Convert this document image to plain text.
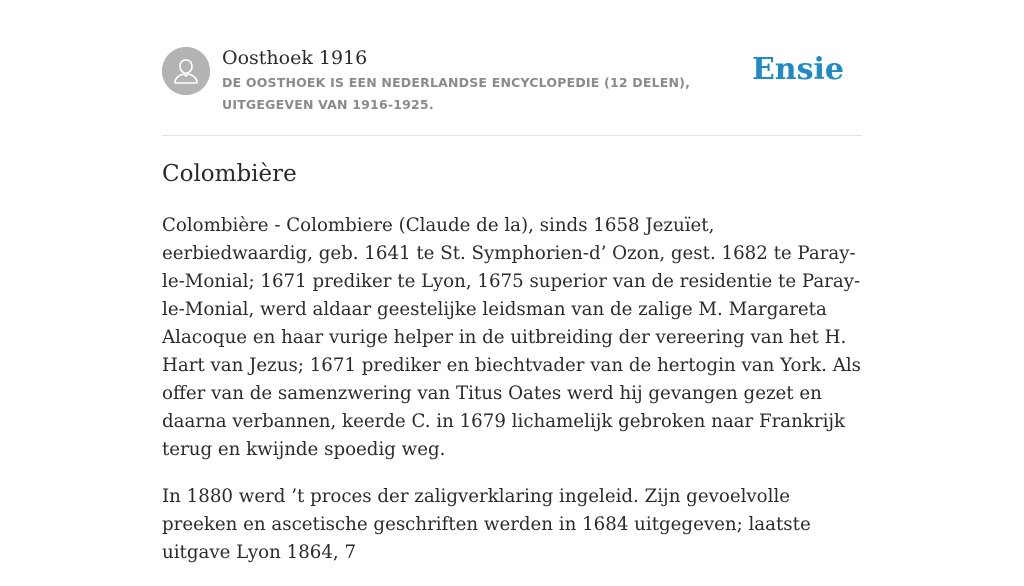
Oosthoek 1916
DE OOSTHOEK IS EEN NEDERLANDSE ENCYCLOPEDIE (12 DELEN), UITGEGEVEN VAN 1916-1925.
Ensie
Colombière

Colombière - Colombiere (Claude de la), sinds 1658 Jezuïet, eerbiedwaardig, geb. 1641 te St. Symphorien-d’ Ozon, gest. 1682 te Paray-le-Monial; 1671 prediker te Lyon, 1675 superior van de residentie te Paray-le-Monial, werd aldaar geestelijke leidsman van de zalige M. Margareta Alacoque en haar vurige helper in de uitbreiding der vereering van het H. Hart van Jezus; 1671 prediker en biechtvader van de hertogin van York. Als offer van de samenzwering van Titus Oates werd hij gevangen gezet en daarna verbannen, keerde C. in 1679 lichamelijk gebroken naar Frankrijk terug en kwijnde spoedig weg.

In 1880 werd ’t proces der zaligverklaring ingeleid. Zijn gevoelvolle preeken en ascetische geschriften werden in 1684 uitgegeven; laatste uitgave Lyon 1864, 7
